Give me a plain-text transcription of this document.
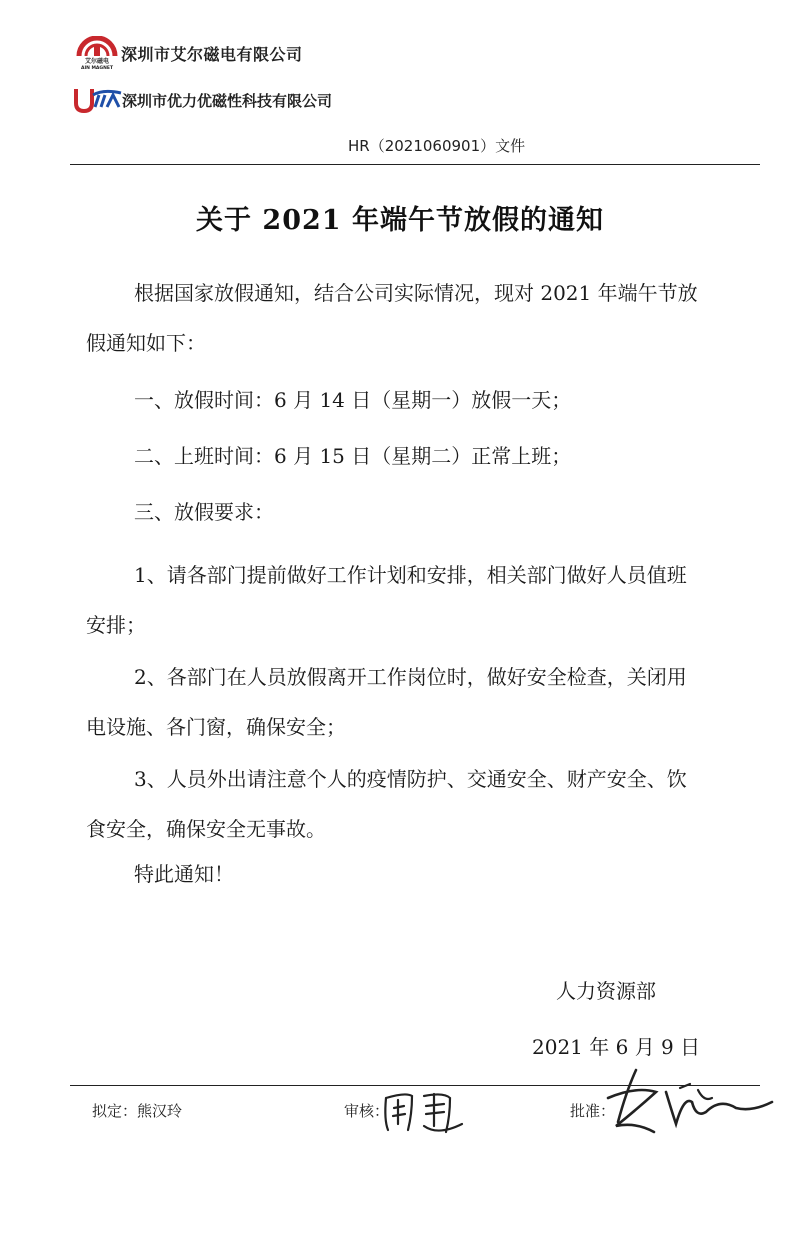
艾尔磁电
AIN MAGNET
深圳市艾尔磁电有限公司
深圳市优力优磁性科技有限公司
HR（2021060901）文件
关于 2021 年端午节放假的通知
根据国家放假通知，结合公司实际情况，现对 2021 年端午节放假通知如下：
一、放假时间：6 月 14 日（星期一）放假一天；
二、上班时间：6 月 15 日（星期二）正常上班；
三、放假要求：
1、请各部门提前做好工作计划和安排，相关部门做好人员值班安排；
2、各部门在人员放假离开工作岗位时，做好安全检查，关闭用电设施、各门窗，确保安全；
3、人员外出请注意个人的疫情防护、交通安全、财产安全、饮食安全，确保安全无事故。
特此通知！
人力资源部
2021 年 6 月 9 日
拟定：熊汉玲	审核：	批准：
